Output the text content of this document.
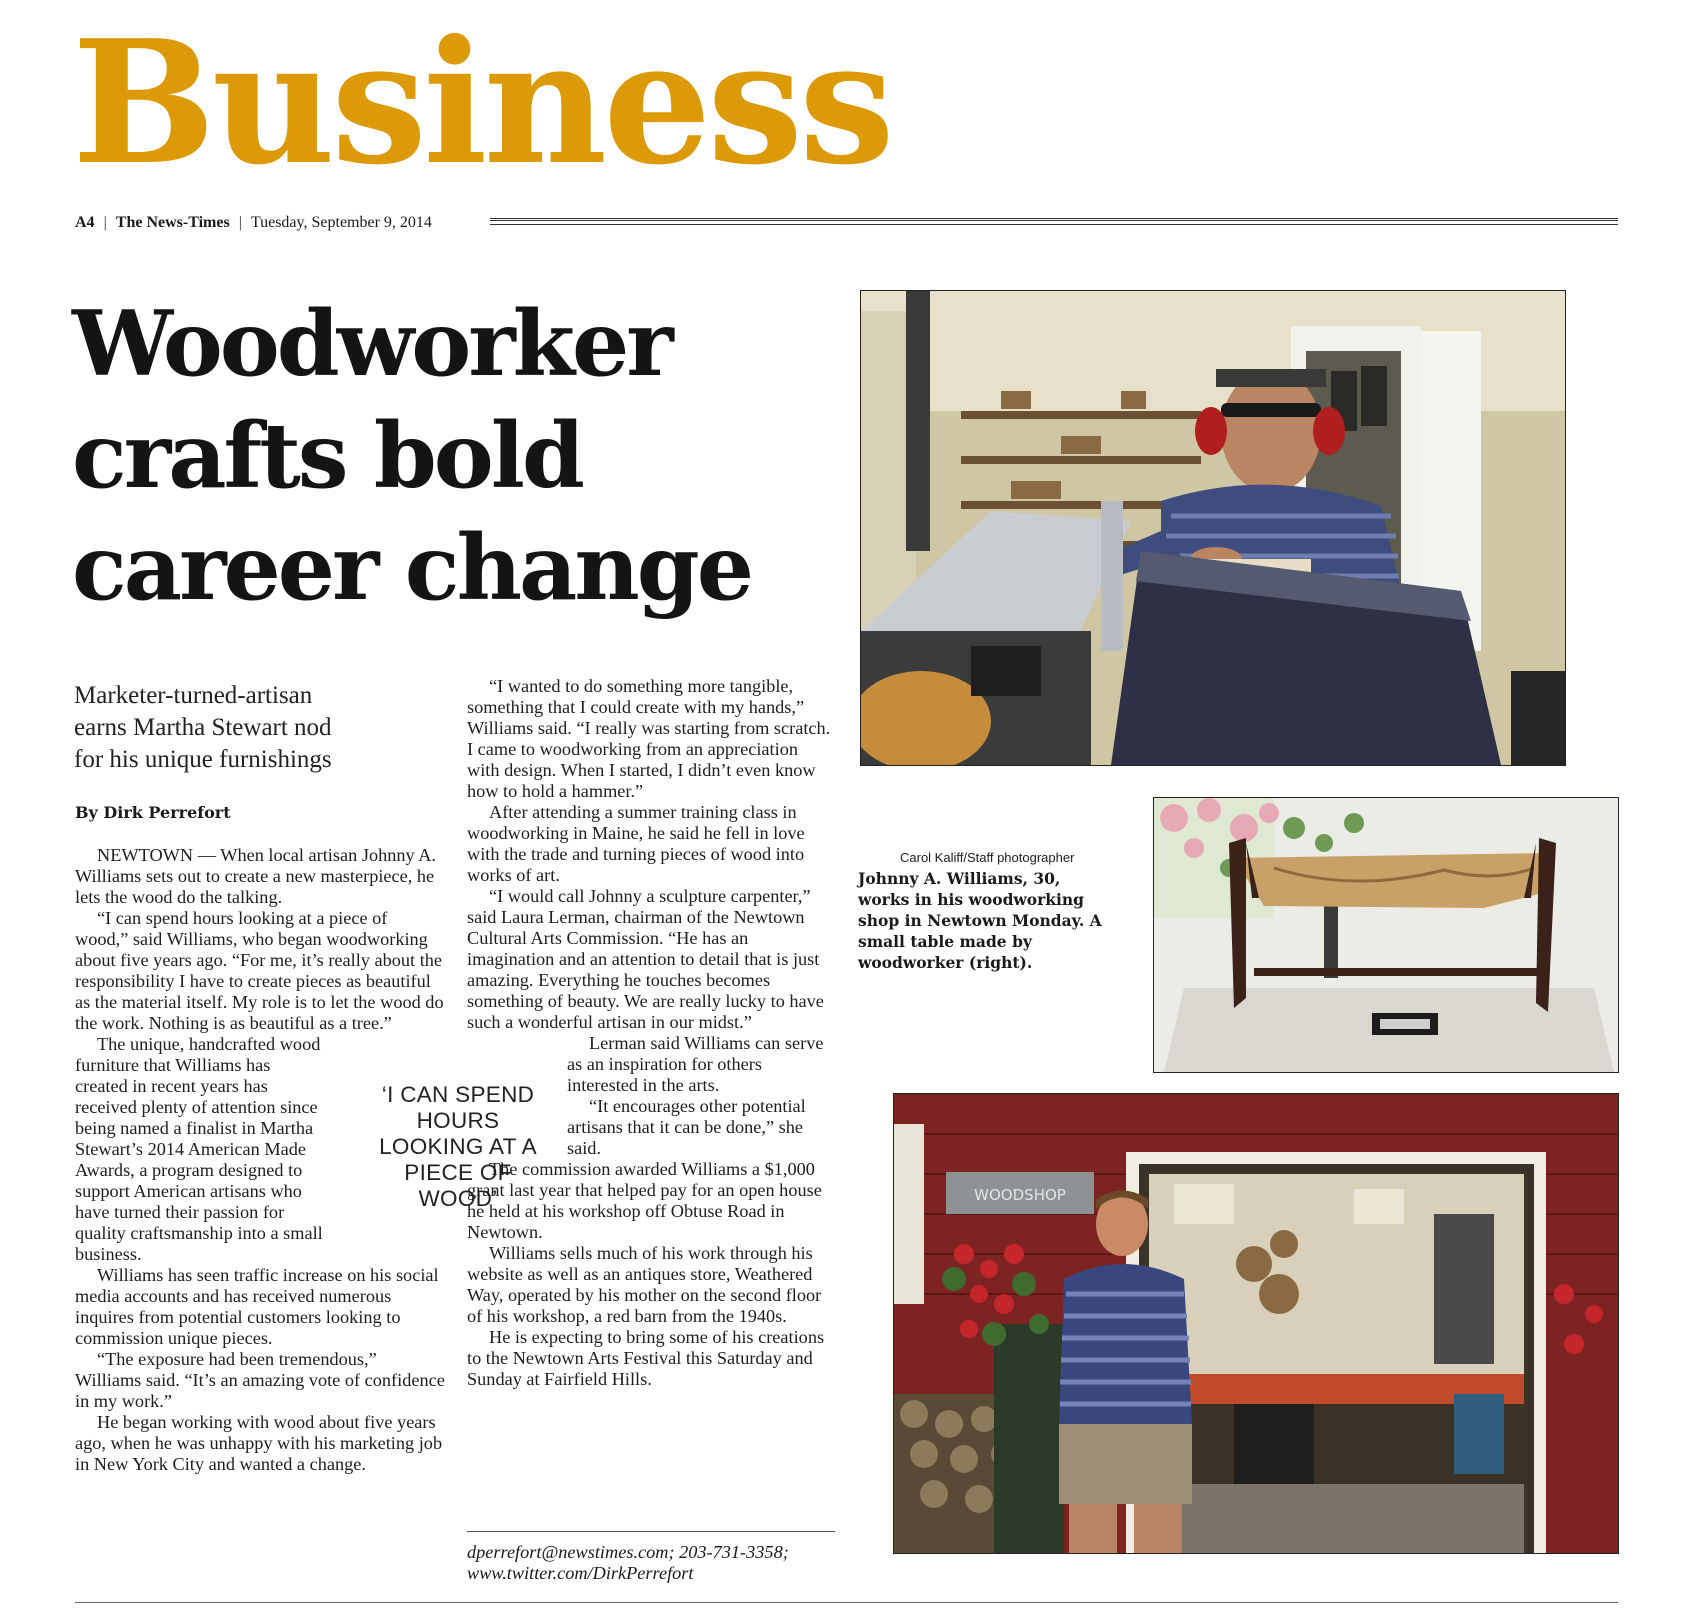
Business
A4 | The News-Times | Tuesday, September 9, 2014
Woodworker
crafts bold
career change
Marketer-turned-artisan
earns Martha Stewart nod
for his unique furnishings
By Dirk Perrefort

NEWTOWN — When local artisan Johnny A. Williams sets out to create a new masterpiece, he lets the wood do the talking.

“I can spend hours looking at a piece of wood,” said Williams, who began woodworking about five years ago. “For me, it’s really about the responsibility I have to create pieces as beautiful as the material itself. My role is to let the wood do the work. Nothing is as beautiful as a tree.”

The unique, handcrafted wood furniture that Williams has created in recent years has received plenty of attention since being named a finalist in Martha Stewart’s 2014 American Made Awards, a program designed to support American artisans who have turned their passion for quality craftsmanship into a small business.

Williams has seen traffic increase on his social media accounts and has received numerous inquires from potential customers looking to commission unique pieces.

“The exposure had been tremendous,” Williams said. “It’s an amazing vote of confidence in my work.”

He began working with wood about five years ago, when he was unhappy with his marketing job in New York City and wanted a change.

‘I CAN SPEND HOURS LOOKING AT A PIECE OF WOOD’

“I wanted to do something more tangible, something that I could create with my hands,” Williams said. “I really was starting from scratch. I came to woodworking from an appreciation with design. When I started, I didn’t even know how to hold a hammer.”

After attending a summer training class in woodworking in Maine, he said he fell in love with the trade and turning pieces of wood into works of art.

“I would call Johnny a sculpture carpenter,” said Laura Lerman, chairman of the Newtown Cultural Arts Commission. “He has an imagination and an attention to detail that is just amazing. Everything he touches becomes something of beauty. We are really lucky to have such a wonderful artisan in our midst.”

Lerman said Williams can serve as an inspiration for others interested in the arts.

“It encourages other potential artisans that it can be done,” she said.

The commission awarded Williams a $1,000 grant last year that helped pay for an open house he held at his workshop off Obtuse Road in Newtown.

Williams sells much of his work through his website as well as an antiques store, Weathered Way, operated by his mother on the second floor of his workshop, a red barn from the 1940s.

He is expecting to bring some of his creations to the Newtown Arts Festival this Saturday and Sunday at Fairfield Hills.

dperrefort@newstimes.com; 203-731-3358;
www.twitter.com/DirkPerrefort
Carol Kaliff/Staff photographer
Johnny A. Williams, 30, works in his woodworking shop in Newtown Monday. A small table made by woodworker (right).
WOODSHOP
